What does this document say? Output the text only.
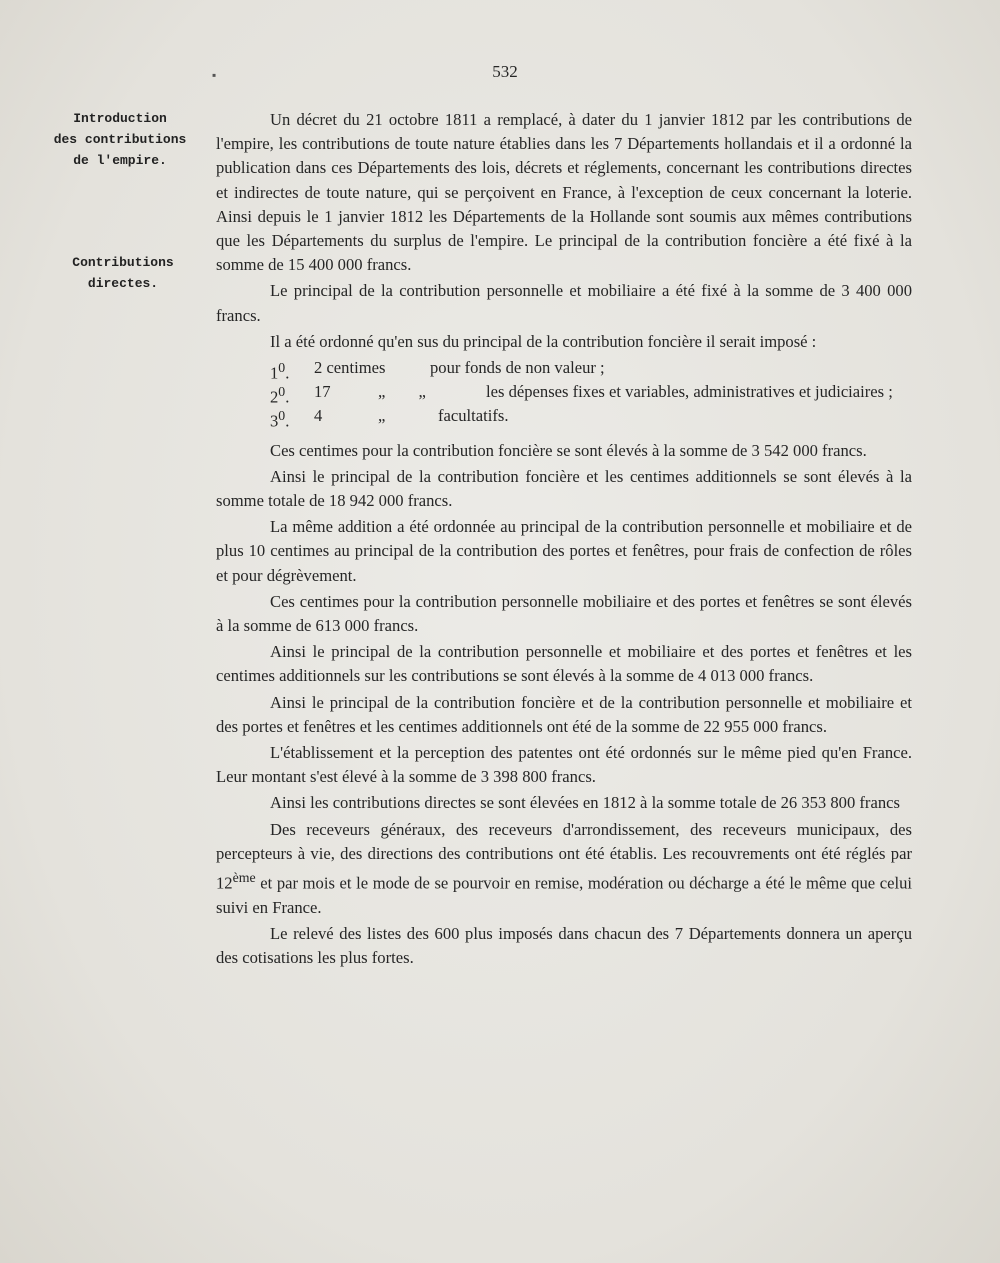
▪	532
Introduction
des contributions
de l'empire.
Contributions
directes.

Un décret du 21 octobre 1811 a remplacé, à dater du 1 janvier 1812 par les contributions de l'empire, les contributions de toute nature établies dans les 7 Départements hollandais et il a ordonné la publication dans ces Départements des lois, décrets et réglements, concernant les contributions directes et indirectes de toute nature, qui se perçoivent en France, à l'exception de ceux concernant la loterie. Ainsi depuis le 1 janvier 1812 les Départements de la Hollande sont soumis aux mêmes contributions que les Départements du surplus de l'empire. Le principal de la contribution foncière a été fixé à la somme de 15 400 000 francs.

Le principal de la contribution personnelle et mobiliaire a été fixé à la somme de 3 400 000 francs.

Il a été ordonné qu'en sus du principal de la contribution foncière il serait imposé :

$1^0$.	2 centimes	pour fonds de non valeur ;
$2^0$.	17	„        „	les dépenses fixes et variables, administratives et judiciaires ;
$3^0$.	4	„	facultatifs.

Ces centimes pour la contribution foncière se sont élevés à la somme de 3 542 000 francs.

Ainsi le principal de la contribution foncière et les centimes additionnels se sont élevés à la somme totale de 18 942 000 francs.

La même addition a été ordonnée au principal de la contribution personnelle et mobiliaire et de plus 10 centimes au principal de la contribution des portes et fenêtres, pour frais de confection de rôles et pour dégrèvement.

Ces centimes pour la contribution personnelle mobiliaire et des portes et fenêtres se sont élevés à la somme de 613 000 francs.

Ainsi le principal de la contribution personnelle et mobiliaire et des portes et fenêtres et les centimes additionnels sur les contributions se sont élevés à la somme de 4 013 000 francs.

Ainsi le principal de la contribution foncière et de la contribution personnelle et mobiliaire et des portes et fenêtres et les centimes additionnels ont été de la somme de 22 955 000 francs.

L'établissement et la perception des patentes ont été ordonnés sur le même pied qu'en France. Leur montant s'est élevé à la somme de 3 398 800 francs.

Ainsi les contributions directes se sont élevées en 1812 à la somme totale de 26 353 800 francs

Des receveurs généraux, des receveurs d'arrondissement, des receveurs municipaux, des percepteurs à vie, des directions des contributions ont été établis. Les recouvrements ont été réglés par 12ème et par mois et le mode de se pourvoir en remise, modération ou décharge a été le même que celui suivi en France.

Le relevé des listes des 600 plus imposés dans chacun des 7 Départements donnera un aperçu des cotisations les plus fortes.
